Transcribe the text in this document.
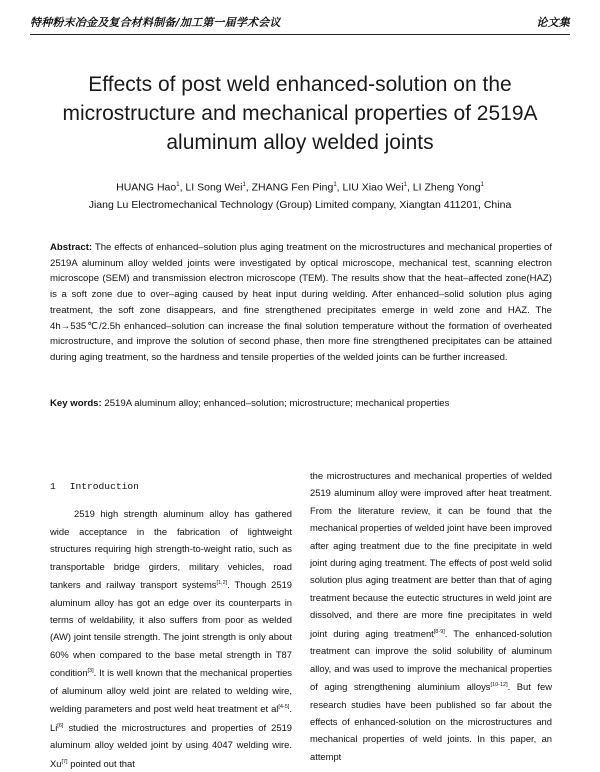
特种粉末冶金及复合材料制备/加工第一届学术会议	论文集
Effects of post weld enhanced-solution on the microstructure and mechanical properties of 2519A aluminum alloy welded joints
HUANG Hao$^1$, LI Song Wei$^1$, ZHANG Fen Ping$^1$, LIU Xiao Wei$^1$, LI Zheng Yong$^1$
Jiang Lu Electromechanical Technology (Group) Limited company, Xiangtan 411201, China
Abstract: The effects of enhanced–solution plus aging treatment on the microstructures and mechanical properties of 2519A aluminum alloy welded joints were investigated by optical microscope, mechanical test, scanning electron microscope (SEM) and transmission electron microscope (TEM). The results show that the heat–affected zone(HAZ) is a soft zone due to over–aging caused by heat input during welding. After enhanced–solid solution plus aging treatment, the soft zone disappears, and fine strengthened precipitates emerge in weld zone and HAZ. The 4h→535℃/2.5h enhanced–solution can increase the final solution temperature without the formation of overheated microstructure, and improve the solution of second phase, then more fine strengthened precipitates can be attained during aging treatment, so the hardness and tensile properties of the welded joints can be further increased.
Key words: 2519A aluminum alloy; enhanced–solution; microstructure; mechanical properties
1 Introduction

2519 high strength aluminum alloy has gathered wide acceptance in the fabrication of lightweight structures requiring high strength-to-weight ratio, such as transportable bridge girders, military vehicles, road tankers and railway transport systems[1,2]. Though 2519 aluminum alloy has got an edge over its counterparts in terms of weldability, it also suffers from poor as welded (AW) joint tensile strength. The joint strength is only about 60% when compared to the base metal strength in T87 condition[3]. It is well known that the mechanical properties of aluminum alloy weld joint are related to welding wire, welding parameters and post weld heat treatment et al[4-5]. Li[6] studied the microstructures and properties of 2519 aluminum alloy welded joint by using 4047 welding wire. Xu[7] pointed out that

the microstructures and mechanical properties of welded 2519 aluminum alloy were improved after heat treatment. From the literature review, it can be found that the mechanical properties of welded joint have been improved after aging treatment due to the fine precipitate in weld joint during aging treatment. The effects of post weld solid solution plus aging treatment are better than that of aging treatment because the eutectic structures in weld joint are dissolved, and there are more fine precipitates in weld joint during aging treatment[8-9]. The enhanced-solution treatment can improve the solid solubility of aluminum alloy, and was used to improve the mechanical properties of aging strengthening aluminium alloys[10-12]. But few research studies have been published so far about the effects of enhanced-solution on the microstructures and mechanical properties of weld joints. In this paper, an attempt
